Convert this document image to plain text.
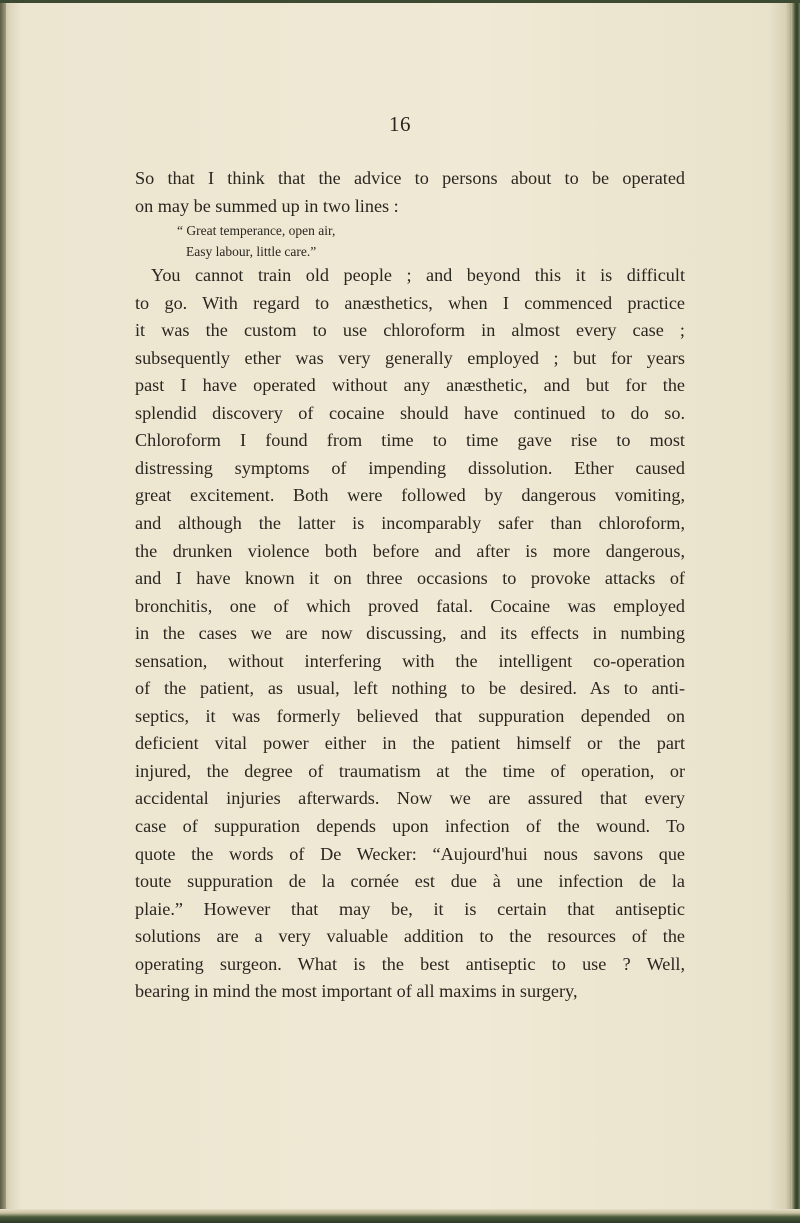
16
So that I think that the advice to persons about to be operated
on may be summed up in two lines :
“ Great temperance, open air,
Easy labour, little care.”
You cannot train old people ; and beyond this it is difficult
to go. With regard to anæsthetics, when I commenced practice
it was the custom to use chloroform in almost every case ;
subsequently ether was very generally employed ; but for years
past I have operated without any anæsthetic, and but for the
splendid discovery of cocaine should have continued to do so.
Chloroform I found from time to time gave rise to most
distressing symptoms of impending dissolution. Ether caused
great excitement. Both were followed by dangerous vomiting,
and although the latter is incomparably safer than chloroform,
the drunken violence both before and after is more dangerous,
and I have known it on three occasions to provoke attacks of
bronchitis, one of which proved fatal. Cocaine was employed
in the cases we are now discussing, and its effects in numbing
sensation, without interfering with the intelligent co-operation
of the patient, as usual, left nothing to be desired. As to anti-
septics, it was formerly believed that suppuration depended on
deficient vital power either in the patient himself or the part
injured, the degree of traumatism at the time of operation, or
accidental injuries afterwards. Now we are assured that every
case of suppuration depends upon infection of the wound. To
quote the words of De Wecker: “Aujourd'hui nous savons que
toute suppuration de la cornée est due à une infection de la
plaie.” However that may be, it is certain that antiseptic
solutions are a very valuable addition to the resources of the
operating surgeon. What is the best antiseptic to use ? Well,
bearing in mind the most important of all maxims in surgery,
